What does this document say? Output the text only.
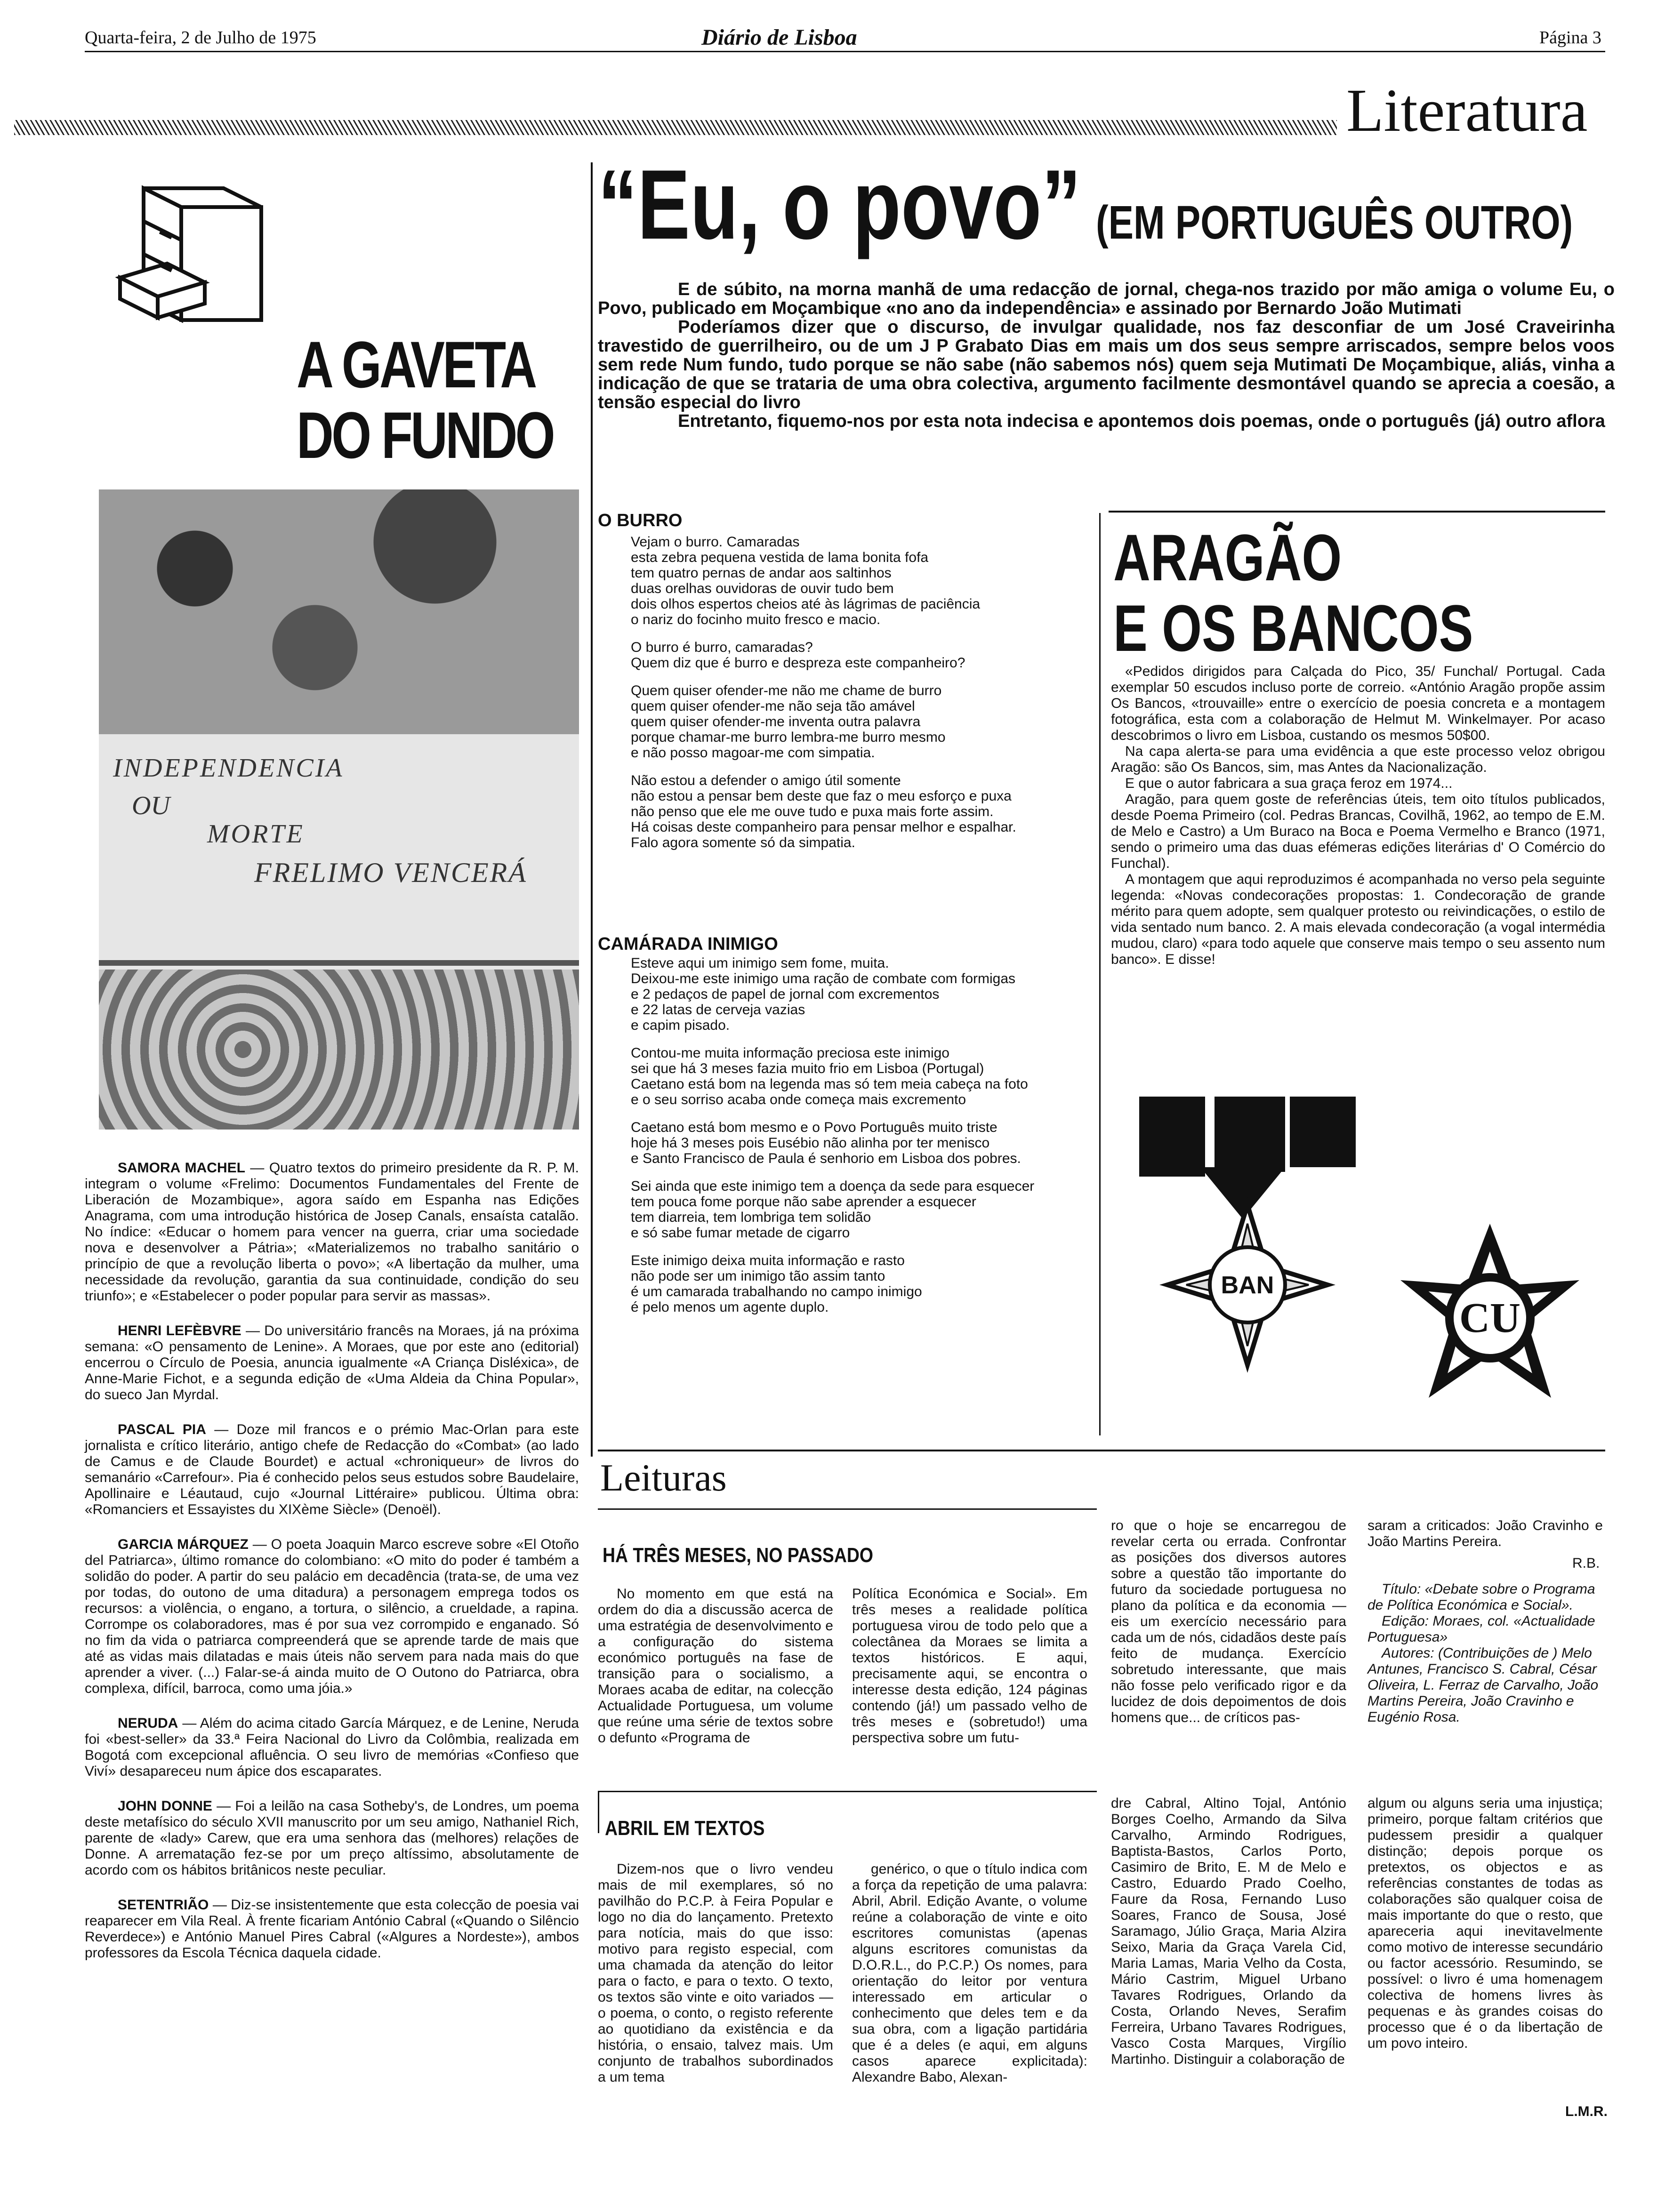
Quarta-feira, 2 de Julho de 1975	Diário de Lisboa	Página 3
Literatura
A GAVETA
DO FUNDO
INDEPENDENCIA
OU
MORTE
FRELIMO VENCERÁ

SAMORA MACHEL — Quatro textos do primeiro presidente da R. P. M. integram o volume «Frelimo: Documentos Fundamentales del Frente de Liberación de Mozambique», agora saído em Espanha nas Edições Anagrama, com uma introdução histórica de Josep Canals, ensaísta catalão. No índice: «Educar o homem para vencer na guerra, criar uma sociedade nova e desenvolver a Pátria»; «Materializemos no trabalho sanitário o princípio de que a revolução liberta o povo»; «A libertação da mulher, uma necessidade da revolução, garantia da sua continuidade, condição do seu triunfo»; e «Estabelecer o poder popular para servir as massas».

HENRI LEFÈBVRE — Do universitário francês na Moraes, já na próxima semana: «O pensamento de Lenine». A Moraes, que por este ano (editorial) encerrou o Círculo de Poesia, anuncia igualmente «A Criança Disléxica», de Anne-Marie Fichot, e a segunda edição de «Uma Aldeia da China Popular», do sueco Jan Myrdal.

PASCAL PIA — Doze mil francos e o prémio Mac-Orlan para este jornalista e crítico literário, antigo chefe de Redacção do «Combat» (ao lado de Camus e de Claude Bourdet) e actual «chroniqueur» de livros do semanário «Carrefour». Pia é conhecido pelos seus estudos sobre Baudelaire, Apollinaire e Léautaud, cujo «Journal Littéraire» publicou. Última obra: «Romanciers et Essayistes du XIXème Siècle» (Denoël).

GARCIA MÁRQUEZ — O poeta Joaquin Marco escreve sobre «El Otoño del Patriarca», último romance do colombiano: «O mito do poder é também a solidão do poder. A partir do seu palácio em decadência (trata-se, de uma vez por todas, do outono de uma ditadura) a personagem emprega todos os recursos: a violência, o engano, a tortura, o silêncio, a crueldade, a rapina. Corrompe os colaboradores, mas é por sua vez corrompido e enganado. Só no fim da vida o patriarca compreenderá que se aprende tarde de mais que até as vidas mais dilatadas e mais úteis não servem para nada mais do que aprender a viver. (...) Falar-se-á ainda muito de O Outono do Patriarca, obra complexa, difícil, barroca, como uma jóia.»

NERUDA — Além do acima citado García Márquez, e de Lenine, Neruda foi «best-seller» da 33.ª Feira Nacional do Livro da Colômbia, realizada em Bogotá com excepcional afluência. O seu livro de memórias «Confieso que Viví» desapareceu num ápice dos escaparates.

JOHN DONNE — Foi a leilão na casa Sotheby's, de Londres, um poema deste metafísico do século XVII manuscrito por um seu amigo, Nathaniel Rich, parente de «lady» Carew, que era uma senhora das (melhores) relações de Donne. A arrematação fez-se por um preço altíssimo, absolutamente de acordo com os hábitos britânicos neste peculiar.

SETENTRIÃO — Diz-se insistentemente que esta colecção de poesia vai reaparecer em Vila Real. À frente ficariam António Cabral («Quando o Silêncio Reverdece») e António Manuel Pires Cabral («Algures a Nordeste»), ambos professores da Escola Técnica daquela cidade.

“Eu, o povo” (EM PORTUGUÊS OUTRO)

E de súbito, na morna manhã de uma redacção de jornal, chega-nos trazido por mão amiga o volume Eu, o Povo, publicado em Moçambique «no ano da independência» e assinado por Bernardo João Mutimati

Poderíamos dizer que o discurso, de invulgar qualidade, nos faz desconfiar de um José Craveirinha travestido de guerrilheiro, ou de um J P Grabato Dias em mais um dos seus sempre arriscados, sempre belos voos sem rede Num fundo, tudo porque se não sabe (não sabemos nós) quem seja Mutimati De Moçambique, aliás, vinha a indicação de que se trataria de uma obra colectiva, argumento facilmente desmontável quando se aprecia a coesão, a tensão especial do livro

Entretanto, fiquemo-nos por esta nota indecisa e apontemos dois poemas, onde o português (já) outro aflora

O BURRO
Vejam o burro. Camaradas
esta zebra pequena vestida de lama bonita fofa
tem quatro pernas de andar aos saltinhos
duas orelhas ouvidoras de ouvir tudo bem
dois olhos espertos cheios até às lágrimas de paciência
o nariz do focinho muito fresco e macio.
O burro é burro, camaradas?
Quem diz que é burro e despreza este companheiro?
Quem quiser ofender-me não me chame de burro
quem quiser ofender-me não seja tão amável
quem quiser ofender-me inventa outra palavra
porque chamar-me burro lembra-me burro mesmo
e não posso magoar-me com simpatia.
Não estou a defender o amigo útil somente
não estou a pensar bem deste que faz o meu esforço e puxa
não penso que ele me ouve tudo e puxa mais forte assim.
Há coisas deste companheiro para pensar melhor e espalhar.
Falo agora somente só da simpatia.
CAMÁRADA INIMIGO
Esteve aqui um inimigo sem fome, muita.
Deixou-me este inimigo uma ração de combate com formigas
e 2 pedaços de papel de jornal com excrementos
e 22 latas de cerveja vazias
e capim pisado.
Contou-me muita informação preciosa este inimigo
sei que há 3 meses fazia muito frio em Lisboa (Portugal)
Caetano está bom na legenda mas só tem meia cabeça na foto
e o seu sorriso acaba onde começa mais excremento
Caetano está bom mesmo e o Povo Português muito triste
hoje há 3 meses pois Eusébio não alinha por ter menisco
e Santo Francisco de Paula é senhorio em Lisboa dos pobres.
Sei ainda que este inimigo tem a doença da sede para esquecer
tem pouca fome porque não sabe aprender a esquecer
tem diarreia, tem lombriga tem solidão
e só sabe fumar metade de cigarro
Este inimigo deixa muita informação e rasto
não pode ser um inimigo tão assim tanto
é um camarada trabalhando no campo inimigo
é pelo menos um agente duplo.
ARAGÃO
E OS BANCOS

«Pedidos dirigidos para Calçada do Pico, 35/ Funchal/ Portugal. Cada exemplar 50 escudos incluso porte de correio. «António Aragão propõe assim Os Bancos, «trouvaille» entre o exercício de poesia concreta e a montagem fotográfica, esta com a colaboração de Helmut M. Winkelmayer. Por acaso descobrimos o livro em Lisboa, custando os mesmos 50$00.

Na capa alerta-se para uma evidência a que este processo veloz obrigou Aragão: são Os Bancos, sim, mas Antes da Nacionalização.

E que o autor fabricara a sua graça feroz em 1974...

Aragão, para quem goste de referências úteis, tem oito títulos publicados, desde Poema Primeiro (col. Pedras Brancas, Covilhã, 1962, ao tempo de E.M. de Melo e Castro) a Um Buraco na Boca e Poema Vermelho e Branco (1971, sendo o primeiro uma das duas efémeras edições literárias d' O Comércio do Funchal).

A montagem que aqui reproduzimos é acompanhada no verso pela seguinte legenda: «Novas condecorações propostas: 1. Condecoração de grande mérito para quem adopte, sem qualquer protesto ou reivindicações, o estilo de vida sentado num banco. 2. A mais elevada condecoração (a vogal intermédia mudou, claro) «para todo aquele que conserve mais tempo o seu assento num banco». E disse!

BAN
CU
Leituras
HÁ TRÊS MESES, NO PASSADO
No momento em que está na ordem do dia a discussão acerca de uma estratégia de desenvolvimento e a configuração do sistema económico português na fase de transição para o socialismo, a Moraes acaba de editar, na colecção Actualidade Portuguesa, um volume que reúne uma série de textos sobre o defunto «Programa de
Política Económica e Social». Em três meses a realidade política portuguesa virou de todo pelo que a colectânea da Moraes se limita a textos históricos. E aqui, precisamente aqui, se encontra o interesse desta edição, 124 páginas contendo (já!) um passado velho de três meses e (sobretudo!) uma perspectiva sobre um futu-
ro que o hoje se encarregou de revelar certa ou errada. Confrontar as posições dos diversos autores sobre a questão tão importante do futuro da sociedade portuguesa no plano da política e da economia — eis um exercício necessário para cada um de nós, cidadãos deste país feito de mudança. Exercício sobretudo interessante, que mais não fosse pelo verificado rigor e da lucidez de dois depoimentos de dois homens que... de críticos pas-
saram a criticados: João Cravinho e João Martins Pereira.
R.B.

Título: «Debate sobre o Programa de Política Económica e Social».

Edição: Moraes, col. «Actualidade Portuguesa»

Autores: (Contribuições de ) Melo Antunes, Francisco S. Cabral, César Oliveira, L. Ferraz de Carvalho, João Martins Pereira, João Cravinho e Eugénio Rosa.

ABRIL EM TEXTOS
Dizem-nos que o livro vendeu mais de mil exemplares, só no pavilhão do P.C.P. à Feira Popular e logo no dia do lançamento. Pretexto para notícia, mais do que isso: motivo para registo especial, com uma chamada da atenção do leitor para o facto, e para o texto. O texto, os textos são vinte e oito variados — o poema, o conto, o registo referente ao quotidiano da existência e da história, o ensaio, talvez mais. Um conjunto de trabalhos subordinados a um tema
genérico, o que o título indica com a força da repetição de uma palavra: Abril, Abril. Edição Avante, o volume reúne a colaboração de vinte e oito escritores comunistas (apenas alguns escritores comunistas da D.O.R.L., do P.C.P.) Os nomes, para orientação do leitor por ventura interessado em articular o conhecimento que deles tem e da sua obra, com a ligação partidária que é a deles (e aqui, em alguns casos aparece explicitada): Alexandre Babo, Alexan-
dre Cabral, Altino Tojal, António Borges Coelho, Armando da Silva Carvalho, Armindo Rodrigues, Baptista-Bastos, Carlos Porto, Casimiro de Brito, E. M de Melo e Castro, Eduardo Prado Coelho, Faure da Rosa, Fernando Luso Soares, Franco de Sousa, José Saramago, Júlio Graça, Maria Alzira Seixo, Maria da Graça Varela Cid, Maria Lamas, Maria Velho da Costa, Mário Castrim, Miguel Urbano Tavares Rodrigues, Orlando da Costa, Orlando Neves, Serafim Ferreira, Urbano Tavares Rodrigues, Vasco Costa Marques, Virgílio Martinho. Distinguir a colaboração de
algum ou alguns seria uma injustiça; primeiro, porque faltam critérios que pudessem presidir a qualquer distinção; depois porque os pretextos, os objectos e as referências constantes de todas as colaborações são qualquer coisa de mais importante do que o resto, que apareceria aqui inevitavelmente como motivo de interesse secundário ou factor acessório. Resumindo, se possível: o livro é uma homenagem colectiva de homens livres às pequenas e às grandes coisas do processo que é o da libertação de um povo inteiro.
L.M.R.
